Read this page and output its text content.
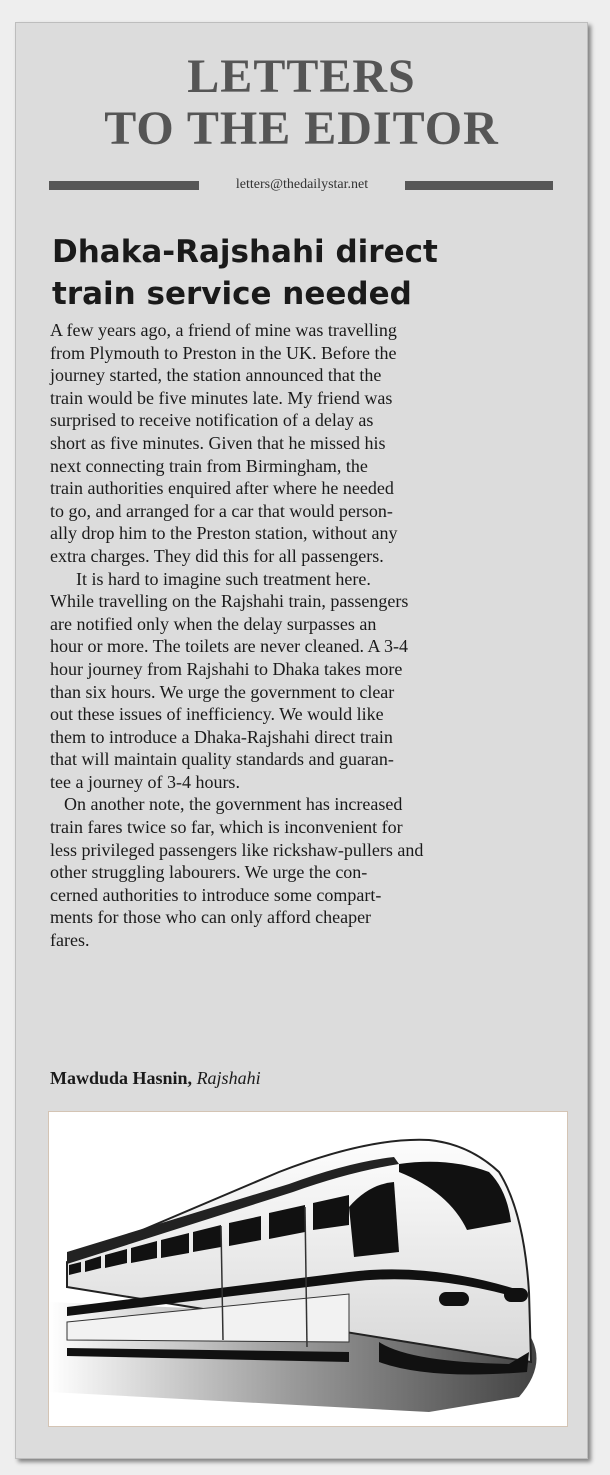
LETTERS
TO THE EDITOR
letters@thedailystar.net
Dhaka-Rajshahi direct
train service needed

A few years ago, a friend of mine was travelling

from Plymouth to Preston in the UK. Before the

journey started, the station announced that the

train would be five minutes late. My friend was

surprised to receive notification of a delay as

short as five minutes. Given that he missed his

next connecting train from Birmingham, the

train authorities enquired after where he needed

to go, and arranged for a car that would person-

ally drop him to the Preston station, without any

extra charges. They did this for all passengers.

It is hard to imagine such treatment here.

While travelling on the Rajshahi train, passengers

are notified only when the delay surpasses an

hour or more. The toilets are never cleaned. A 3-4

hour journey from Rajshahi to Dhaka takes more

than six hours. We urge the government to clear

out these issues of inefficiency. We would like

them to introduce a Dhaka-Rajshahi direct train

that will maintain quality standards and guaran-

tee a journey of 3-4 hours.

On another note, the government has increased

train fares twice so far, which is inconvenient for

less privileged passengers like rickshaw-pullers and

other struggling labourers. We urge the con-

cerned authorities to introduce some compart-

ments for those who can only afford cheaper

fares.

Mawduda Hasnin, Rajshahi
